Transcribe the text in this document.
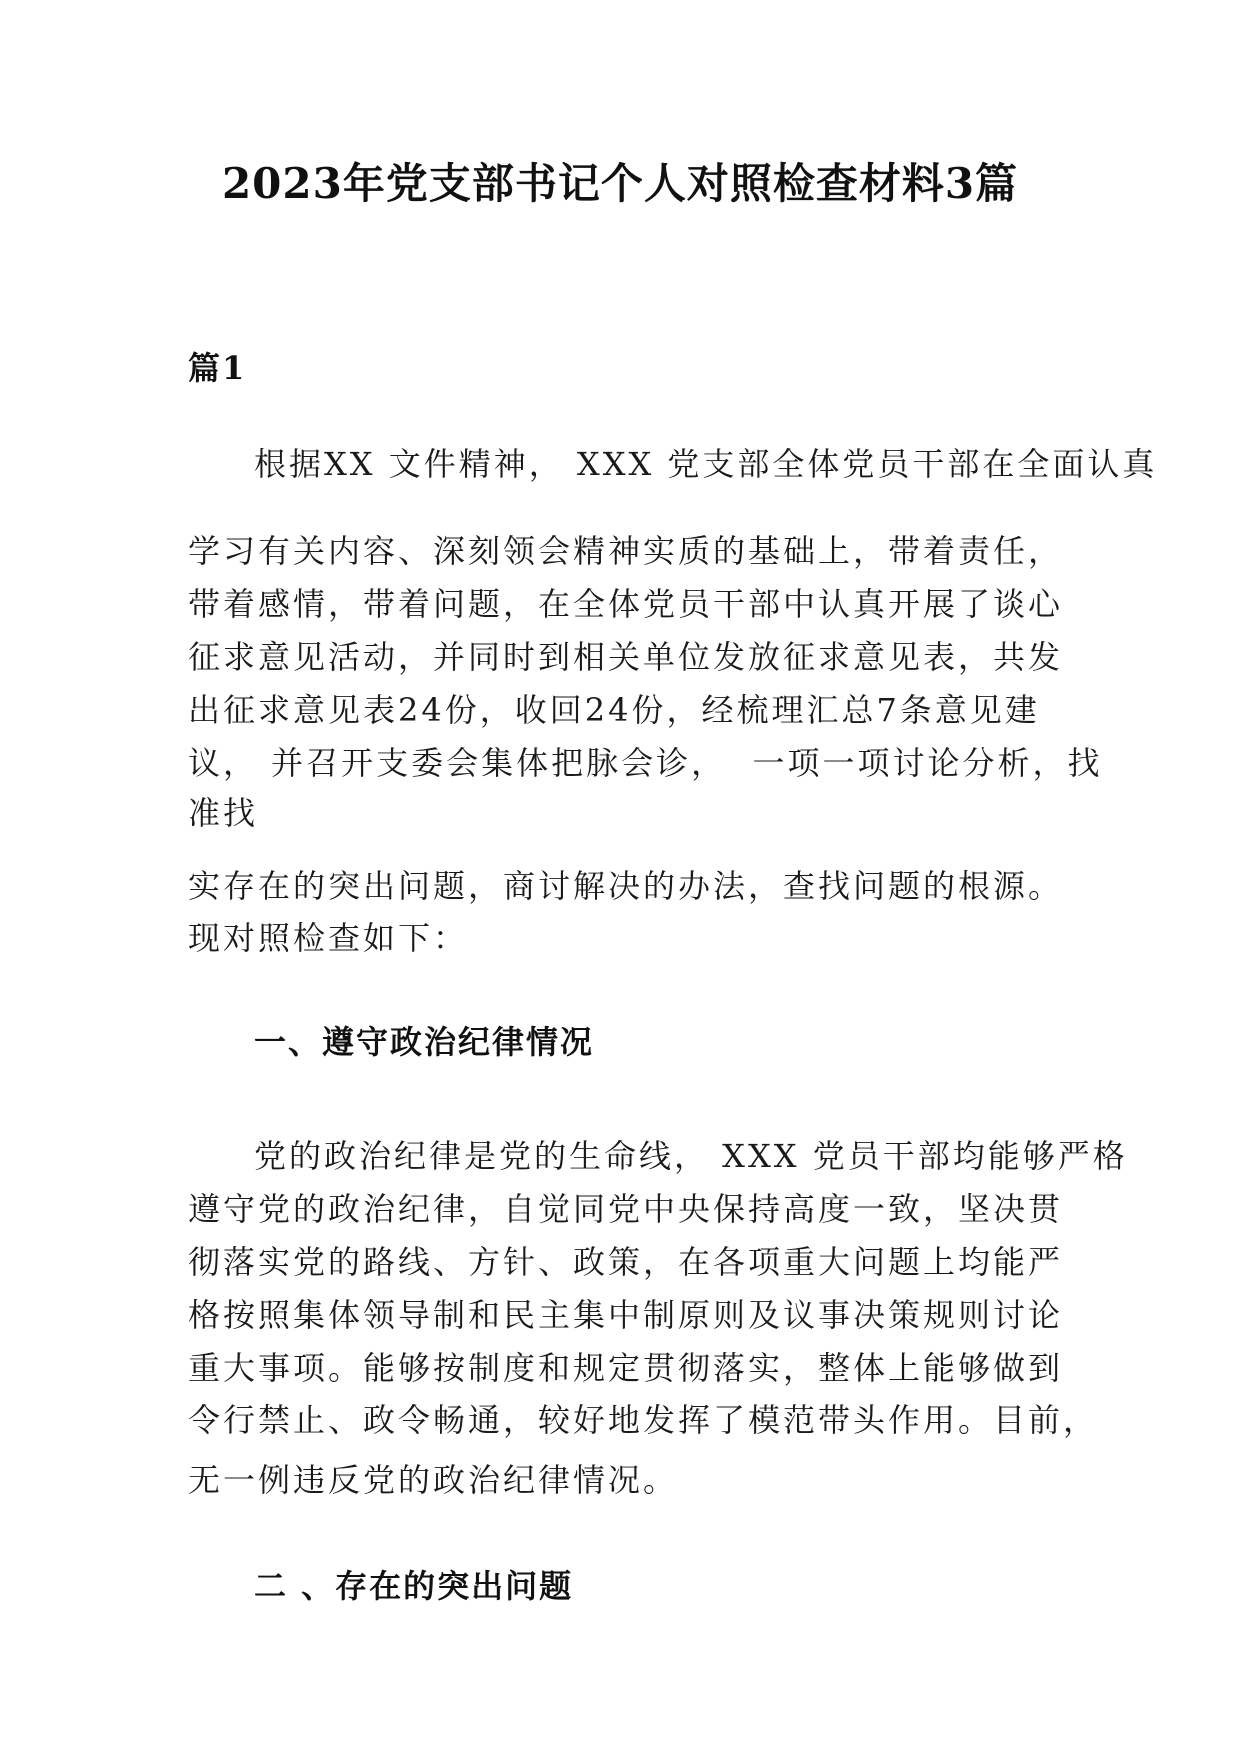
2023年党支部书记个人对照检查材料3篇
篇1
根据XX 文件精神， XXX 党支部全体党员干部在全面认真
学习有关内容、深刻领会精神实质的基础上，带着责任，
带着感情，带着问题，在全体党员干部中认真开展了谈心
征求意见活动，并同时到相关单位发放征求意见表，共发
出征求意见表24份，收回24份，经梳理汇总7条意见建
议， 并召开支委会集体把脉会诊，  一项一项讨论分析，找
准找
实存在的突出问题，商讨解决的办法，查找问题的根源。
现对照检查如下：
一、遵守政治纪律情况
党的政治纪律是党的生命线， XXX 党员干部均能够严格
遵守党的政治纪律，自觉同党中央保持高度一致，坚决贯
彻落实党的路线、方针、政策，在各项重大问题上均能严
格按照集体领导制和民主集中制原则及议事决策规则讨论
重大事项。能够按制度和规定贯彻落实，整体上能够做到
令行禁止、政令畅通，较好地发挥了模范带头作用。目前，
无一例违反党的政治纪律情况。
二 、存在的突出问题
